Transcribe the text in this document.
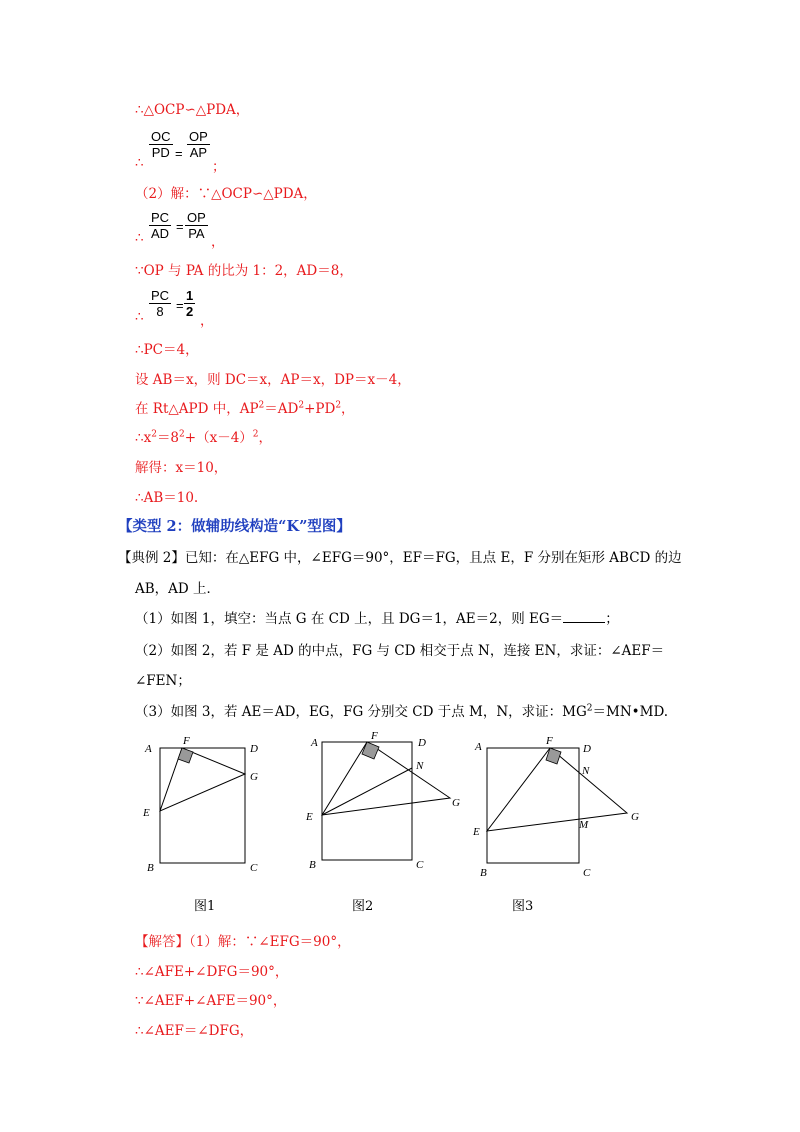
∴△OCP∽△PDA，
OC
PD =
OP
AP
∴	；
（2）解：∵△OCP∽△PDA，
PC
AD =
OP
PA
∴	，
∵OP 与 PA 的比为 1：2，AD＝8，
PC
8 =
1
2
∴	，
∴PC＝4，
设 AB＝x，则 DC＝x，AP＝x，DP＝x－4，
在 Rt△APD 中，$AP^2=AD^2+PD^2$，
$\therefore x^2=8^2+(x-4)^2$，
解得：x＝10，
∴AB＝10.
【类型 2：做辅助线构造“K”型图】
【典例 2】已知：在△EFG 中，∠EFG＝90°，EF＝FG，且点 E，F 分别在矩形 ABCD 的边
AB，AD 上．
（1）如图 1，填空：当点 G 在 CD 上，且 DG＝1，AE＝2，则 EG＝	；
（2）如图 2，若 F 是 AD 的中点，FG 与 CD 相交于点 N，连接 EN，求证：∠AEF＝
∠FEN；
（3）如图 3，若 AE＝AD，EG，FG 分别交 CD 于点 M，N，求证：$MG^2=MN•MD$.
A
F
D
G
E
B	C
A
F
D
N
G
E
B	C
A	F
D
N
G
M
E
B	C
图1	图2	图3
【解答】（1）解：∵∠EFG＝90°，
∴∠AFE+∠DFG＝90°，
∵∠AEF+∠AFE＝90°，
∴∠AEF＝∠DFG，
